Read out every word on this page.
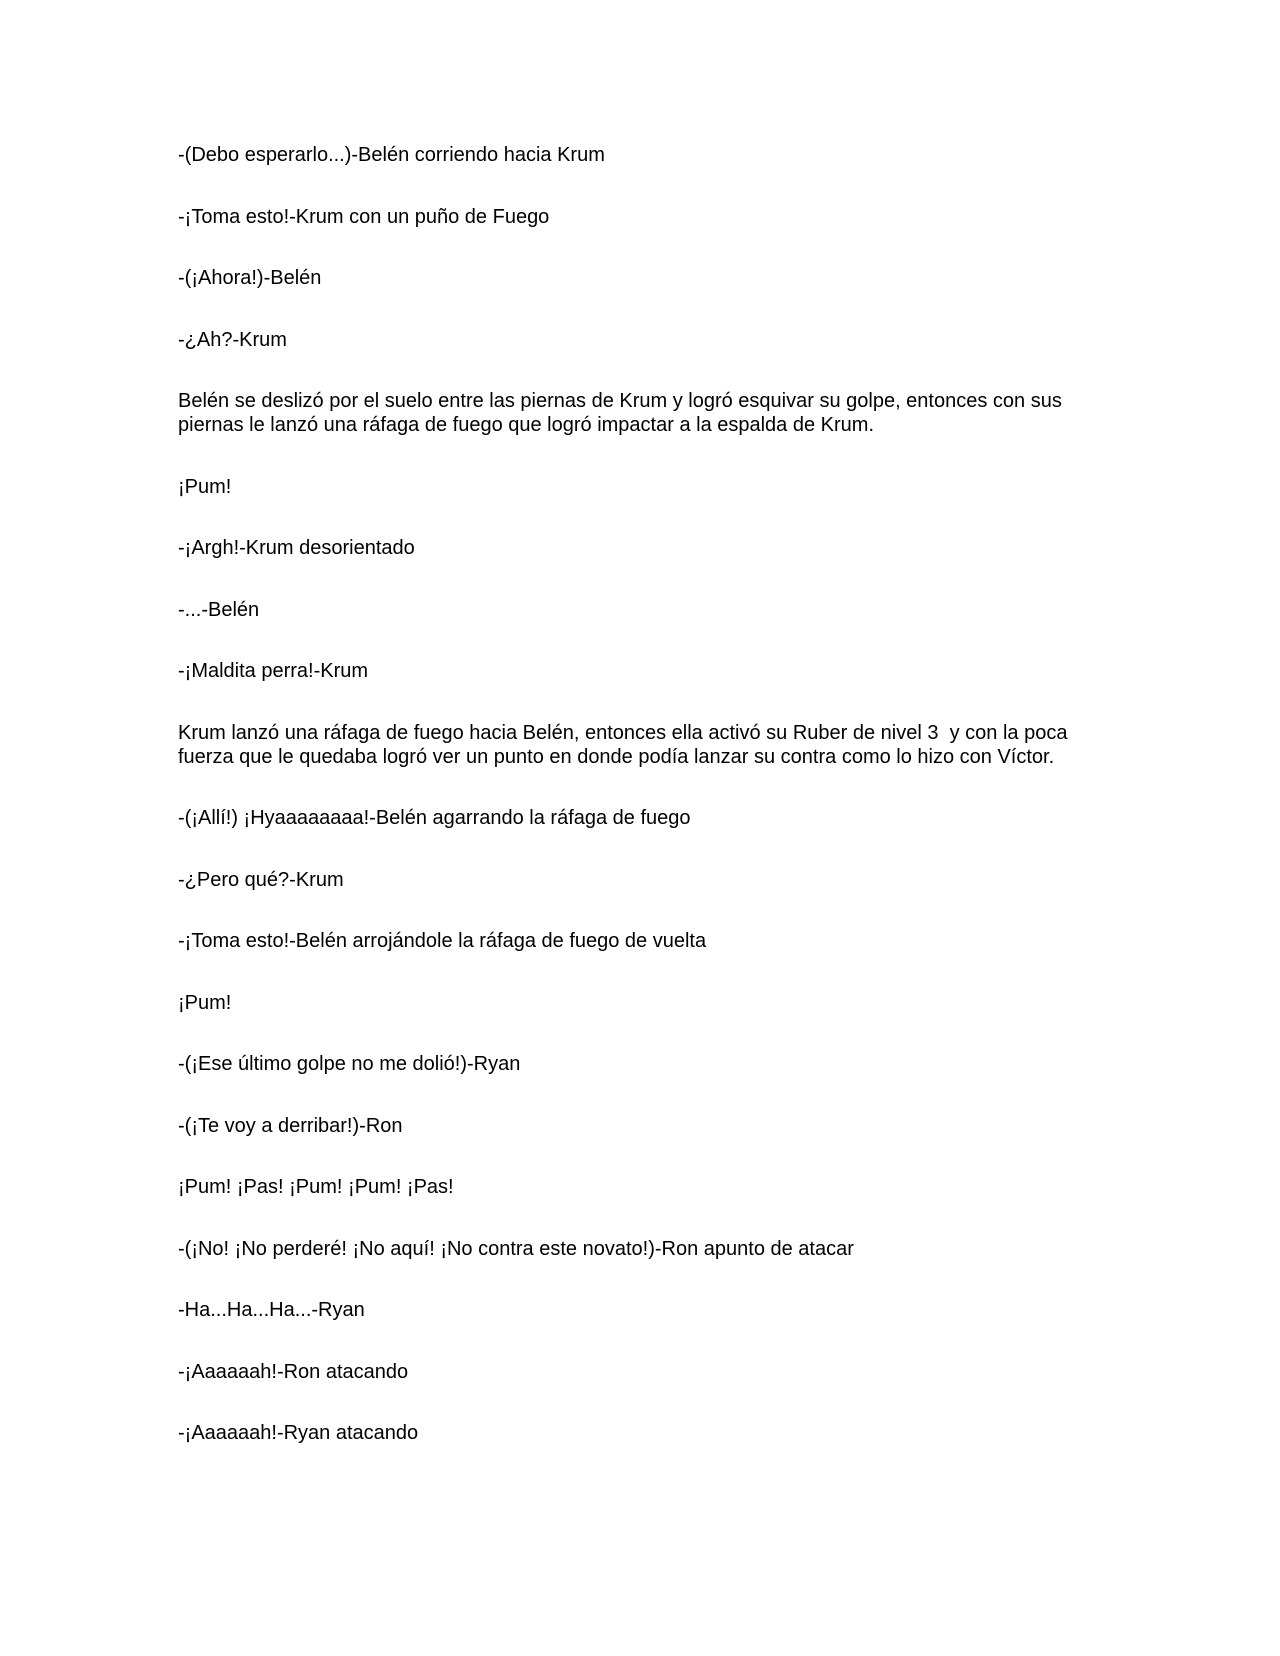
-(Debo esperarlo...)-Belén corriendo hacia Krum

-¡Toma esto!-Krum con un puño de Fuego

-(¡Ahora!)-Belén

-¿Ah?-Krum

Belén se deslizó por el suelo entre las piernas de Krum y logró esquivar su golpe, entonces con sus piernas le lanzó una ráfaga de fuego que logró impactar a la espalda de Krum.

¡Pum!

-¡Argh!-Krum desorientado

-...-Belén

-¡Maldita perra!-Krum

Krum lanzó una ráfaga de fuego hacia Belén, entonces ella activó su Ruber de nivel 3  y con la poca fuerza que le quedaba logró ver un punto en donde podía lanzar su contra como lo hizo con Víctor.

-(¡Allí!) ¡Hyaaaaaaaa!-Belén agarrando la ráfaga de fuego

-¿Pero qué?-Krum

-¡Toma esto!-Belén arrojándole la ráfaga de fuego de vuelta

¡Pum!

-(¡Ese último golpe no me dolió!)-Ryan

-(¡Te voy a derribar!)-Ron

¡Pum! ¡Pas! ¡Pum! ¡Pum! ¡Pas!

-(¡No! ¡No perderé! ¡No aquí! ¡No contra este novato!)-Ron apunto de atacar

-Ha...Ha...Ha...-Ryan

-¡Aaaaaah!-Ron atacando

-¡Aaaaaah!-Ryan atacando
